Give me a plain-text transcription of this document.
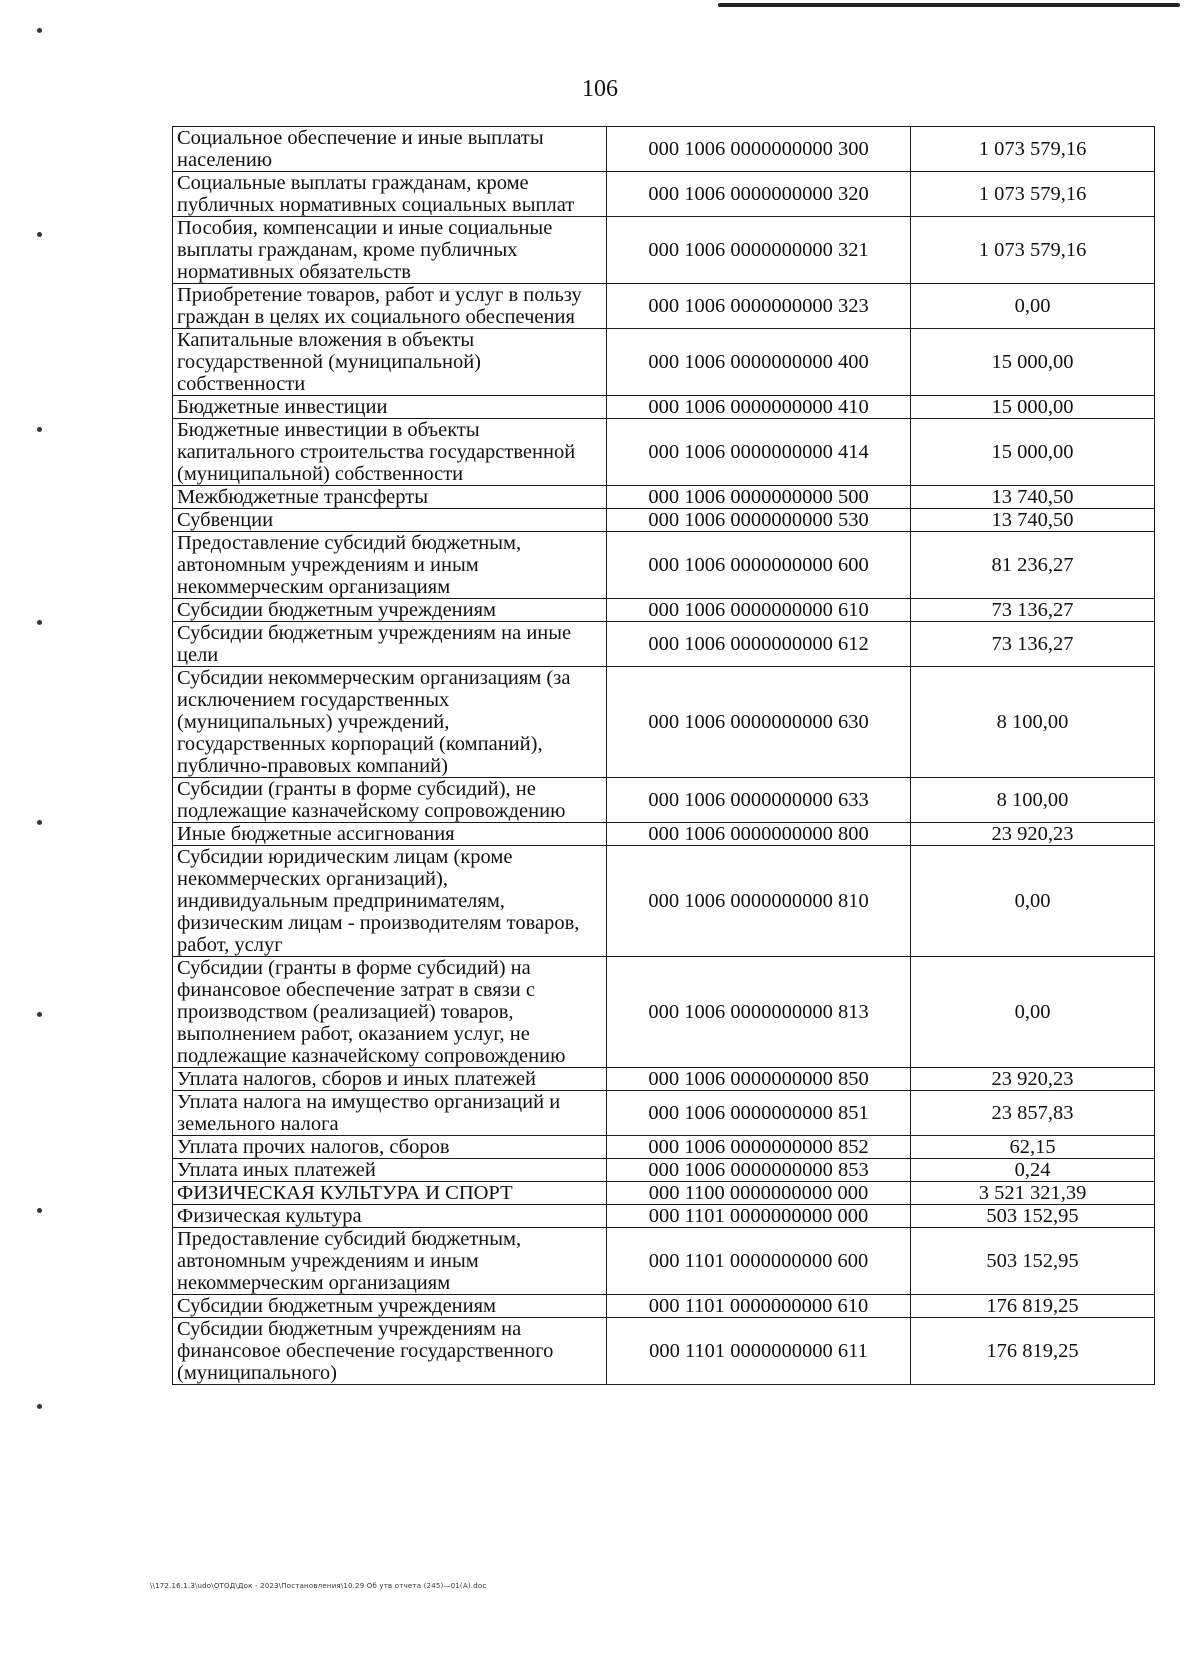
106
Социальное обеспечение и иные выплаты населению	000 1006 0000000000 300	1 073 579,16
Социальные выплаты гражданам, кроме публичных нормативных социальных выплат	000 1006 0000000000 320	1 073 579,16
Пособия, компенсации и иные социальные выплаты гражданам, кроме публичных нормативных обязательств	000 1006 0000000000 321	1 073 579,16
Приобретение товаров, работ и услуг в пользу граждан в целях их социального обеспечения	000 1006 0000000000 323	0,00
Капитальные вложения в объекты государственной (муниципальной) собственности	000 1006 0000000000 400	15 000,00
Бюджетные инвестиции	000 1006 0000000000 410	15 000,00
Бюджетные инвестиции в объекты капитального строительства государственной (муниципальной) собственности	000 1006 0000000000 414	15 000,00
Межбюджетные трансферты	000 1006 0000000000 500	13 740,50
Субвенции	000 1006 0000000000 530	13 740,50
Предоставление субсидий бюджетным, автономным учреждениям и иным некоммерческим организациям	000 1006 0000000000 600	81 236,27
Субсидии бюджетным учреждениям	000 1006 0000000000 610	73 136,27
Субсидии бюджетным учреждениям на иные цели	000 1006 0000000000 612	73 136,27
Субсидии некоммерческим организациям (за исключением государственных (муниципальных) учреждений, государственных корпораций (компаний), публично-правовых компаний)	000 1006 0000000000 630	8 100,00
Субсидии (гранты в форме субсидий), не подлежащие казначейскому сопровождению	000 1006 0000000000 633	8 100,00
Иные бюджетные ассигнования	000 1006 0000000000 800	23 920,23
Субсидии юридическим лицам (кроме некоммерческих организаций), индивидуальным предпринимателям, физическим лицам - производителям товаров, работ, услуг	000 1006 0000000000 810	0,00
Субсидии (гранты в форме субсидий) на финансовое обеспечение затрат в связи с производством (реализацией) товаров, выполнением работ, оказанием услуг, не подлежащие казначейскому сопровождению	000 1006 0000000000 813	0,00
Уплата налогов, сборов и иных платежей	000 1006 0000000000 850	23 920,23
Уплата налога на имущество организаций и земельного налога	000 1006 0000000000 851	23 857,83
Уплата прочих налогов, сборов	000 1006 0000000000 852	62,15
Уплата иных платежей	000 1006 0000000000 853	0,24
ФИЗИЧЕСКАЯ КУЛЬТУРА И СПОРТ	000 1100 0000000000 000	3 521 321,39
Физическая культура	000 1101 0000000000 000	503 152,95
Предоставление субсидий бюджетным, автономным учреждениям и иным некоммерческим организациям	000 1101 0000000000 600	503 152,95
Субсидии бюджетным учреждениям	000 1101 0000000000 610	176 819,25
Субсидии бюджетным учреждениям на финансовое обеспечение государственного (муниципального)	000 1101 0000000000 611	176 819,25
\\172.16.1.3\udo\ОТОД\Док - 2023\Постановления\10.29 Об утв отчета (245)—01(А).doc
